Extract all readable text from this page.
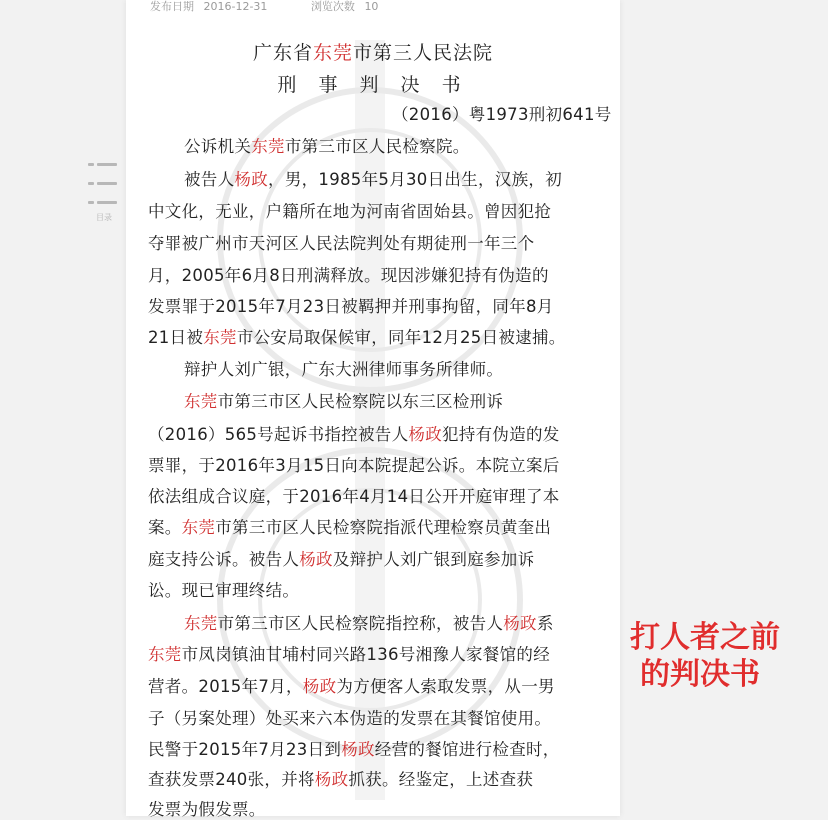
发布日期 2016-12-31	浏览次数 10
广东省东莞市第三人民法院
刑 事 判 决 书
（2016）粤1973刑初641号

目录
公诉机关东莞市第三市区人民检察院。
被告人杨政，男，1985年5月30日出生，汉族，初
中文化，无业，户籍所在地为河南省固始县。曾因犯抢
夺罪被广州市天河区人民法院判处有期徒刑一年三个
月，2005年6月8日刑满释放。现因涉嫌犯持有伪造的
发票罪于2015年7月23日被羁押并刑事拘留，同年8月
21日被东莞市公安局取保候审，同年12月25日被逮捕。
辩护人刘广银，广东大洲律师事务所律师。
东莞市第三市区人民检察院以东三区检刑诉
（2016）565号起诉书指控被告人杨政犯持有伪造的发
票罪，于2016年3月15日向本院提起公诉。本院立案后
依法组成合议庭，于2016年4月14日公开开庭审理了本
案。东莞市第三市区人民检察院指派代理检察员黄奎出
庭支持公诉。被告人杨政及辩护人刘广银到庭参加诉
讼。现已审理终结。
东莞市第三市区人民检察院指控称，被告人杨政系
东莞市凤岗镇油甘埔村同兴路136号湘豫人家餐馆的经
营者。2015年7月，杨政为方便客人索取发票，从一男
子（另案处理）处买来六本伪造的发票在其餐馆使用。
民警于2015年7月23日到杨政经营的餐馆进行检查时，
查获发票240张，并将杨政抓获。经鉴定，上述查获
发票为假发票。
打人者之前
的判决书
